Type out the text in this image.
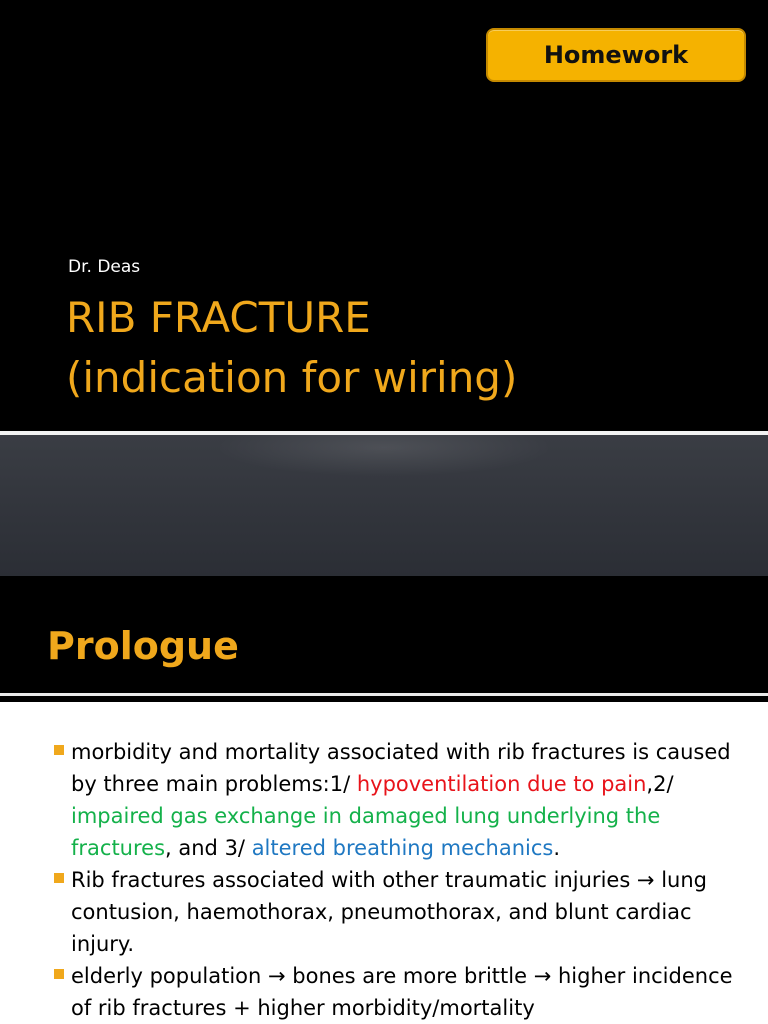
Homework
Dr. Deas
RIB FRACTURE
(indication for wiring)
Prologue
morbidity and mortality associated with rib fractures is caused by three main problems:1/ hypoventilation due to pain,2/ impaired gas exchange in damaged lung underlying the fractures, and 3/ altered breathing mechanics.
Rib fractures associated with other traumatic injuries → lung contusion, haemothorax, pneumothorax, and blunt cardiac injury.
elderly population → bones are more brittle → higher incidence of rib fractures + higher morbidity/mortality
